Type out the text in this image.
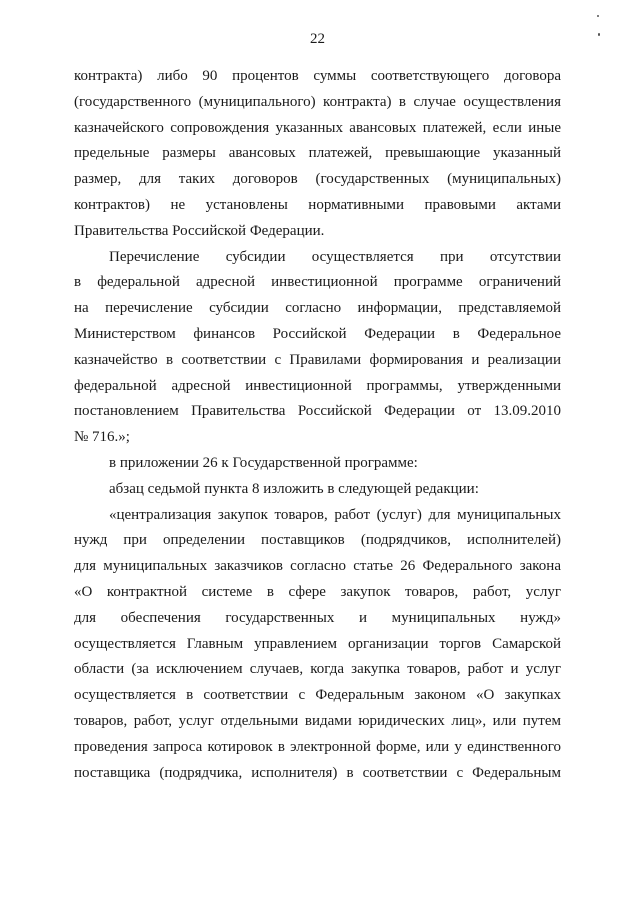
22
контракта) либо 90 процентов суммы соответствующего договора
(государственного (муниципального) контракта) в случае осуществления
казначейского сопровождения указанных авансовых платежей, если иные
предельные размеры авансовых платежей, превышающие указанный
размер, для таких договоров (государственных (муниципальных)
контрактов) не установлены нормативными правовыми актами
Правительства Российской Федерации.
Перечисление субсидии осуществляется при отсутствии
в федеральной адресной инвестиционной программе ограничений
на перечисление субсидии согласно информации, представляемой
Министерством финансов Российской Федерации в Федеральное
казначейство в соответствии с Правилами формирования и реализации
федеральной адресной инвестиционной программы, утвержденными
постановлением Правительства Российской Федерации от 13.09.2010
№ 716.»;
в приложении 26 к Государственной программе:
абзац седьмой пункта 8 изложить в следующей редакции:
«централизация закупок товаров, работ (услуг) для муниципальных
нужд при определении поставщиков (подрядчиков, исполнителей)
для муниципальных заказчиков согласно статье 26 Федерального закона
«О контрактной системе в сфере закупок товаров, работ, услуг
для обеспечения государственных и муниципальных нужд»
осуществляется Главным управлением организации торгов Самарской
области (за исключением случаев, когда закупка товаров, работ и услуг
осуществляется в соответствии с Федеральным законом «О закупках
товаров, работ, услуг отдельными видами юридических лиц», или путем
проведения запроса котировок в электронной форме, или у единственного
поставщика (подрядчика, исполнителя) в соответствии с Федеральным
